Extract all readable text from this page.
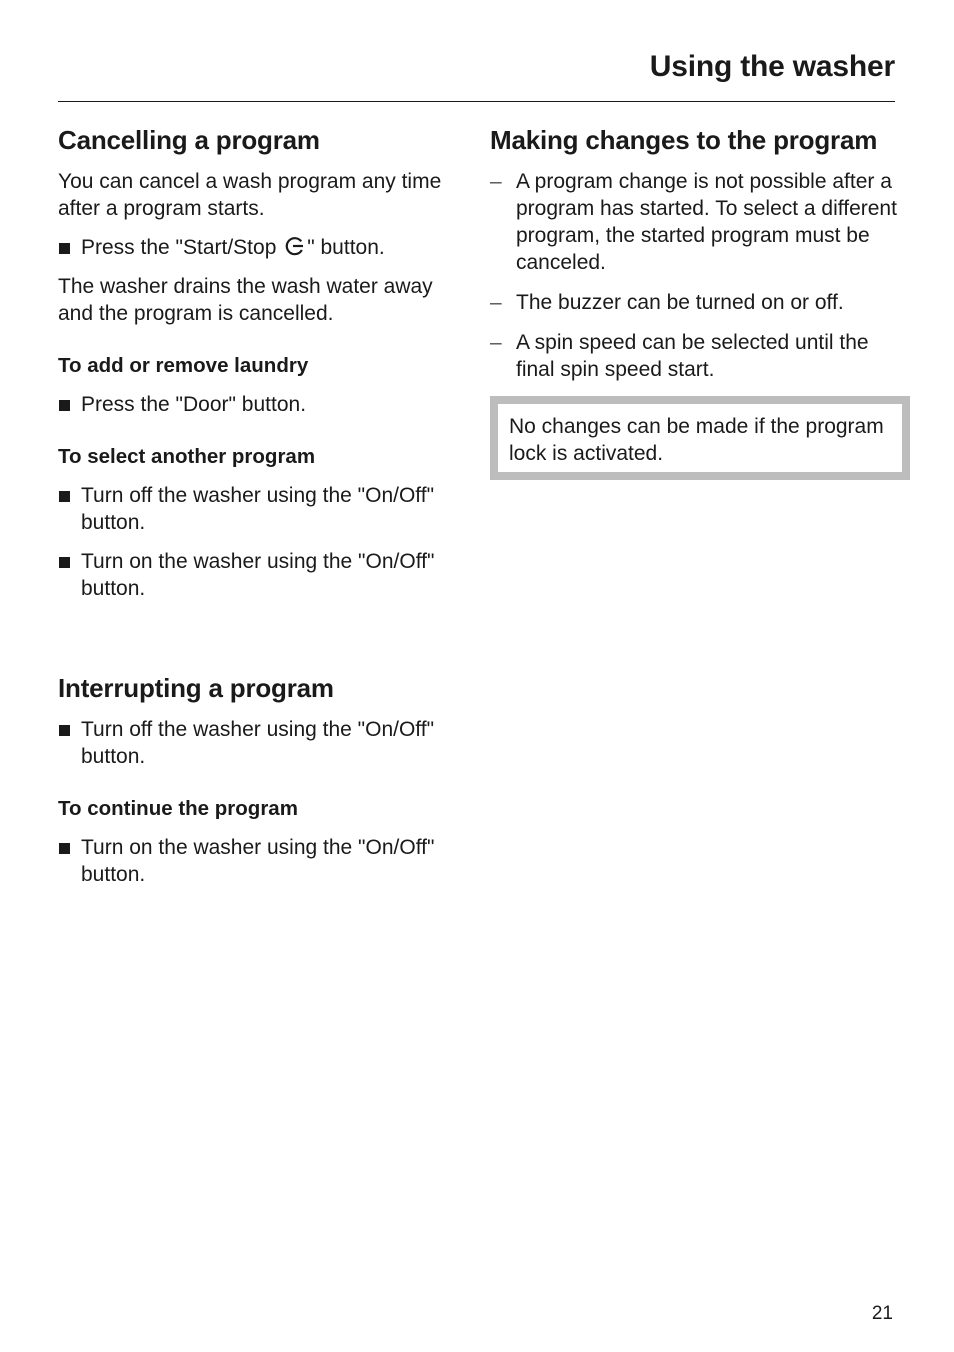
Using the washer
Cancelling a program

You can cancel a wash program any time after a program starts.

Press the "Start/Stop " button.

The washer drains the wash water away and the program is cancelled.

To add or remove laundry
Press the "Door" button.
To select another program
Turn off the washer using the "On/Off" button.
Turn on the washer using the "On/Off" button.
Interrupting a program
Turn off the washer using the "On/Off" button.
To continue the program
Turn on the washer using the "On/Off" button.
Making changes to the program
– A program change is not possible after a program has started. To select a different program, the started program must be canceled.
– The buzzer can be turned on or off.
– A spin speed can be selected until the final spin speed start.

No changes can be made if the program lock is activated.

21
